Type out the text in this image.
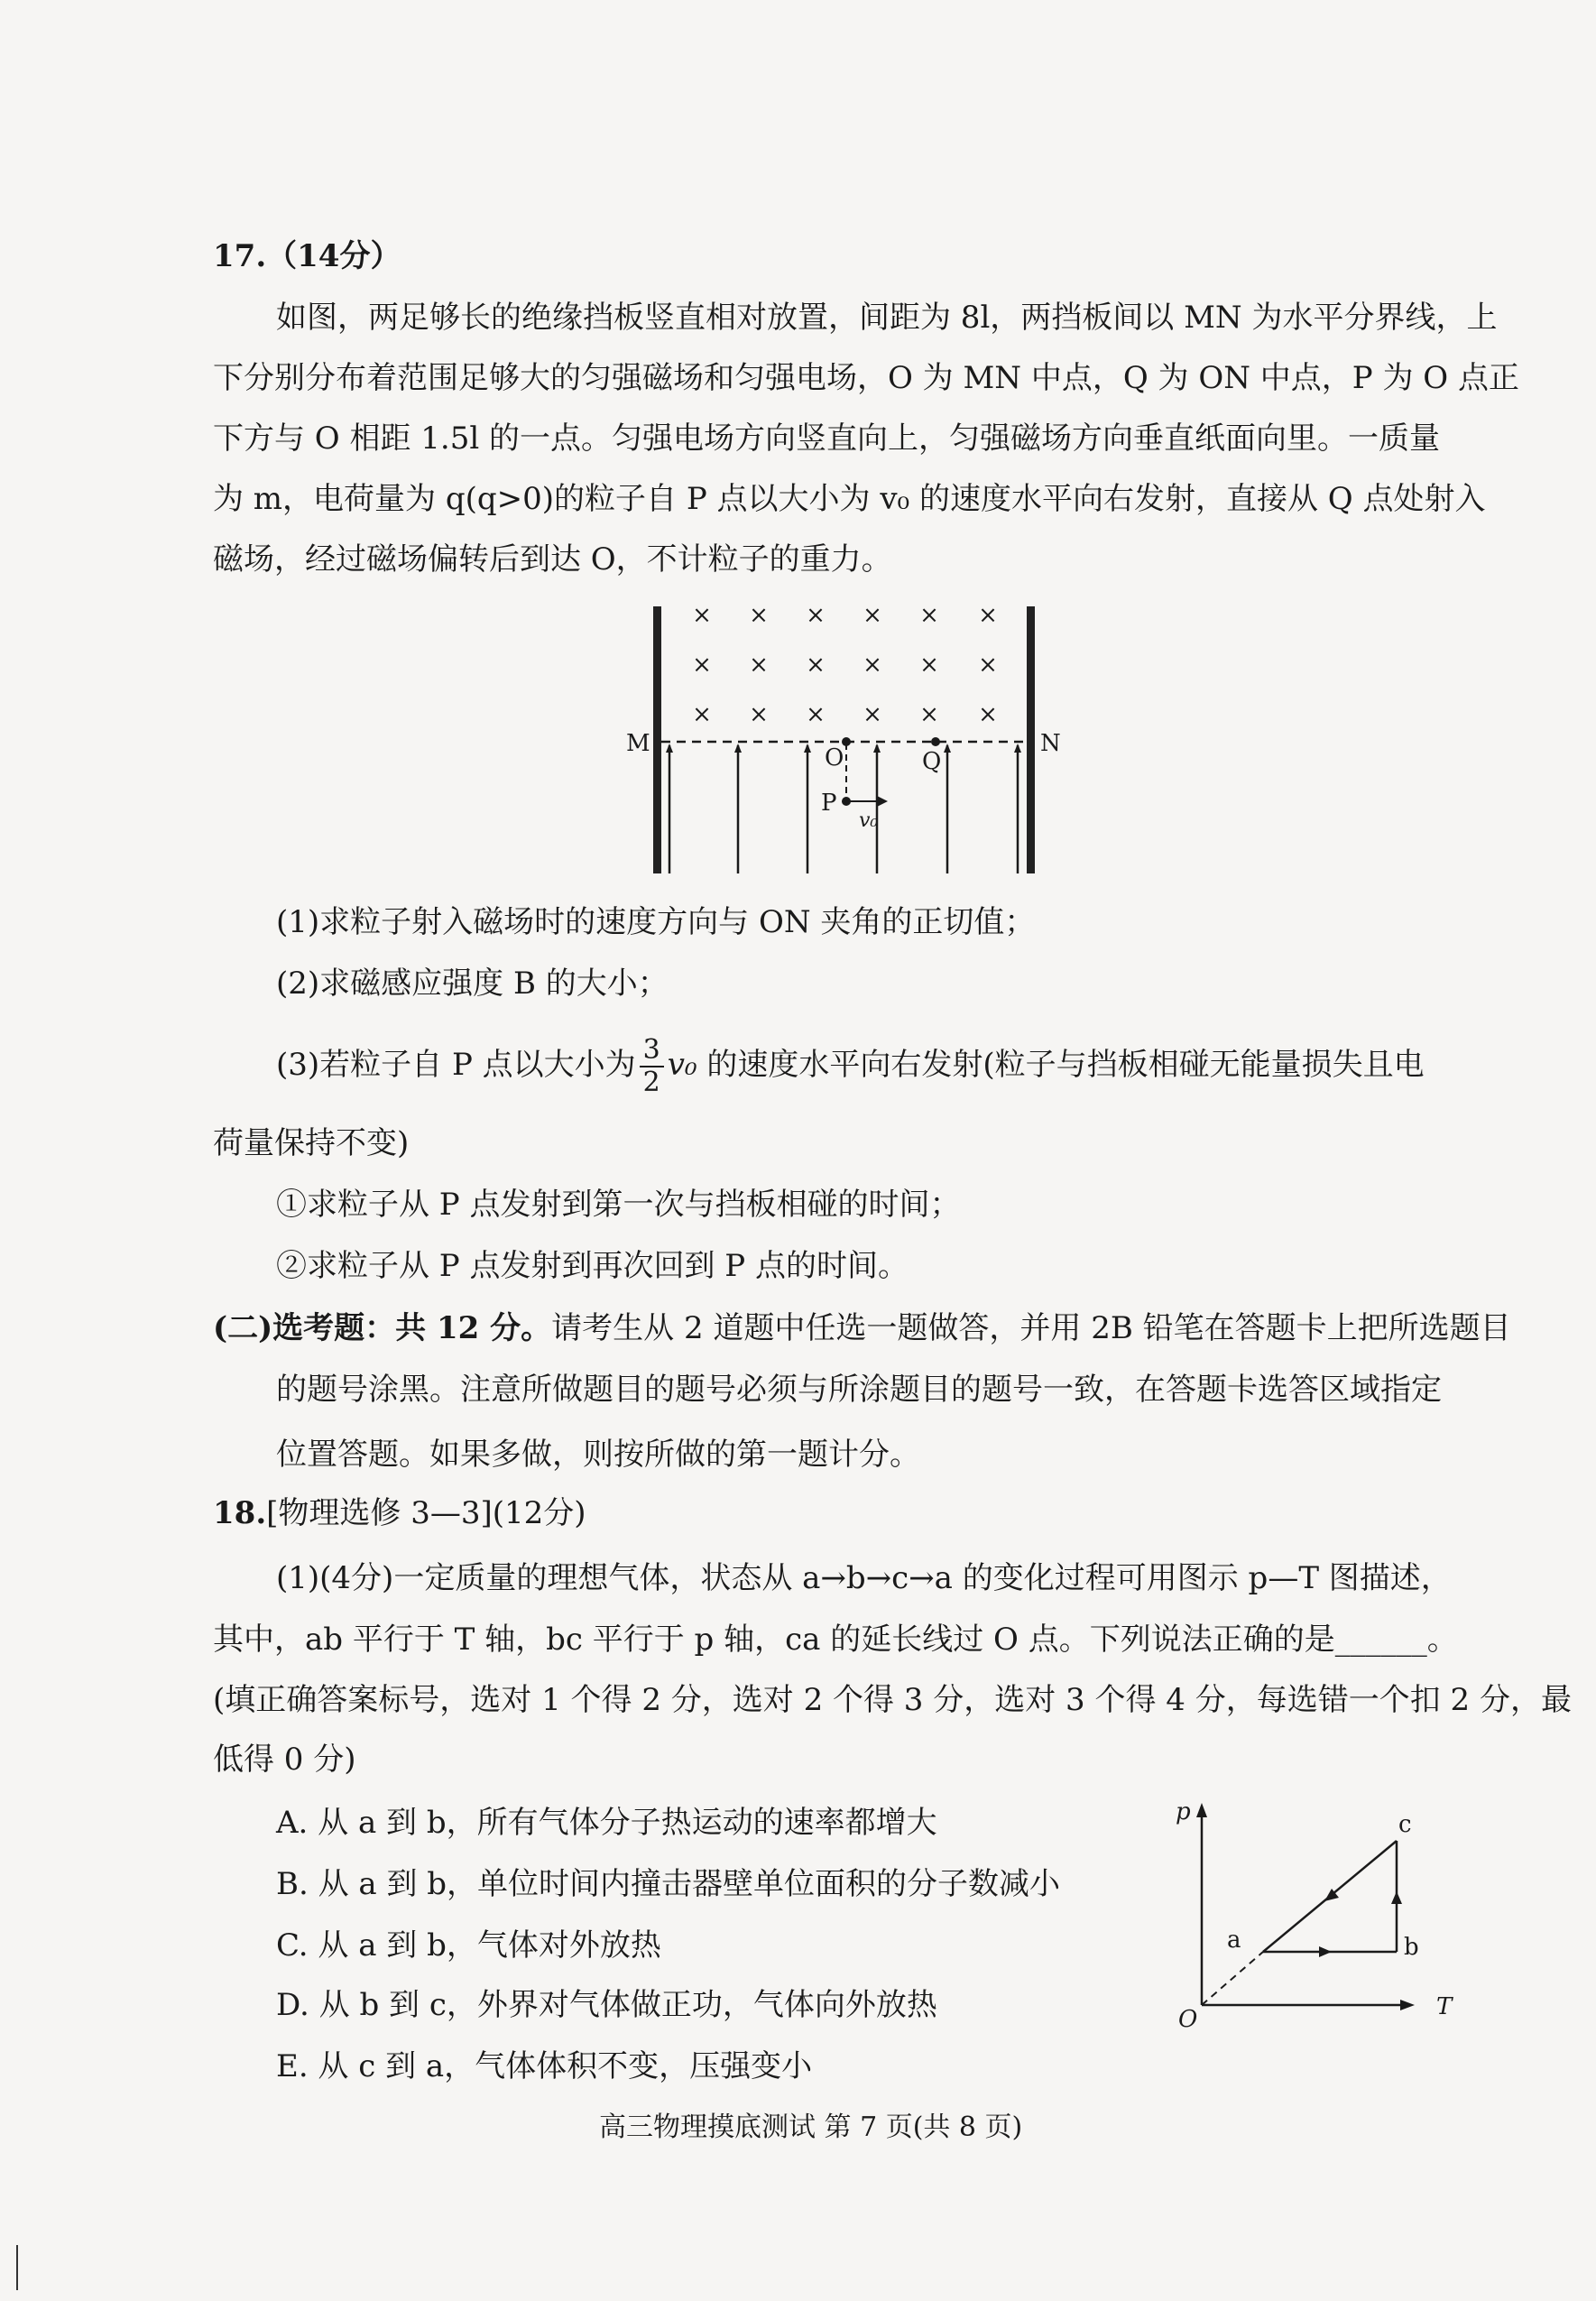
17.（14分）
如图，两足够长的绝缘挡板竖直相对放置，间距为 8l，两挡板间以 MN 为水平分界线，上
下分别分布着范围足够大的匀强磁场和匀强电场，O 为 MN 中点，Q 为 ON 中点，P 为 O 点正
下方与 O 相距 1.5l 的一点。匀强电场方向竖直向上，匀强磁场方向垂直纸面向里。一质量
为 m，电荷量为 q(q>0)的粒子自 P 点以大小为 v₀ 的速度水平向右发射，直接从 Q 点处射入
磁场，经过磁场偏转后到达 O，不计粒子的重力。
× × × × × ×
× × × × × ×
× × × × × ×
M	N
O	Q
P
v₀
(1)求粒子射入磁场时的速度方向与 ON 夹角的正切值；
(2)求磁感应强度 B 的大小；
(3)若粒子自 P 点以大小为 $\frac{3}{2} v_0$ 的速度水平向右发射(粒子与挡板相碰无能量损失且电
荷量保持不变)
①求粒子从 P 点发射到第一次与挡板相碰的时间；
②求粒子从 P 点发射到再次回到 P 点的时间。
(二)选考题：共 12 分。请考生从 2 道题中任选一题做答，并用 2B 铅笔在答题卡上把所选题目
的题号涂黑。注意所做题目的题号必须与所涂题目的题号一致，在答题卡选答区域指定
位置答题。如果多做，则按所做的第一题计分。
18.[物理选修 3—3](12分)
(1)(4分)一定质量的理想气体，状态从 a→b→c→a 的变化过程可用图示 p—T 图描述，
其中，ab 平行于 T 轴，bc 平行于 p 轴，ca 的延长线过 O 点。下列说法正确的是______。
(填正确答案标号，选对 1 个得 2 分，选对 2 个得 3 分，选对 3 个得 4 分，每选错一个扣 2 分，最
低得 0 分)
A. 从 a 到 b，所有气体分子热运动的速率都增大
B. 从 a 到 b，单位时间内撞击器壁单位面积的分子数减小
C. 从 a 到 b，气体对外放热
D. 从 b 到 c，外界对气体做正功，气体向外放热
E. 从 c 到 a，气体体积不变，压强变小
p
T
O
a	b
c
高三物理摸底测试 第 7 页(共 8 页)
